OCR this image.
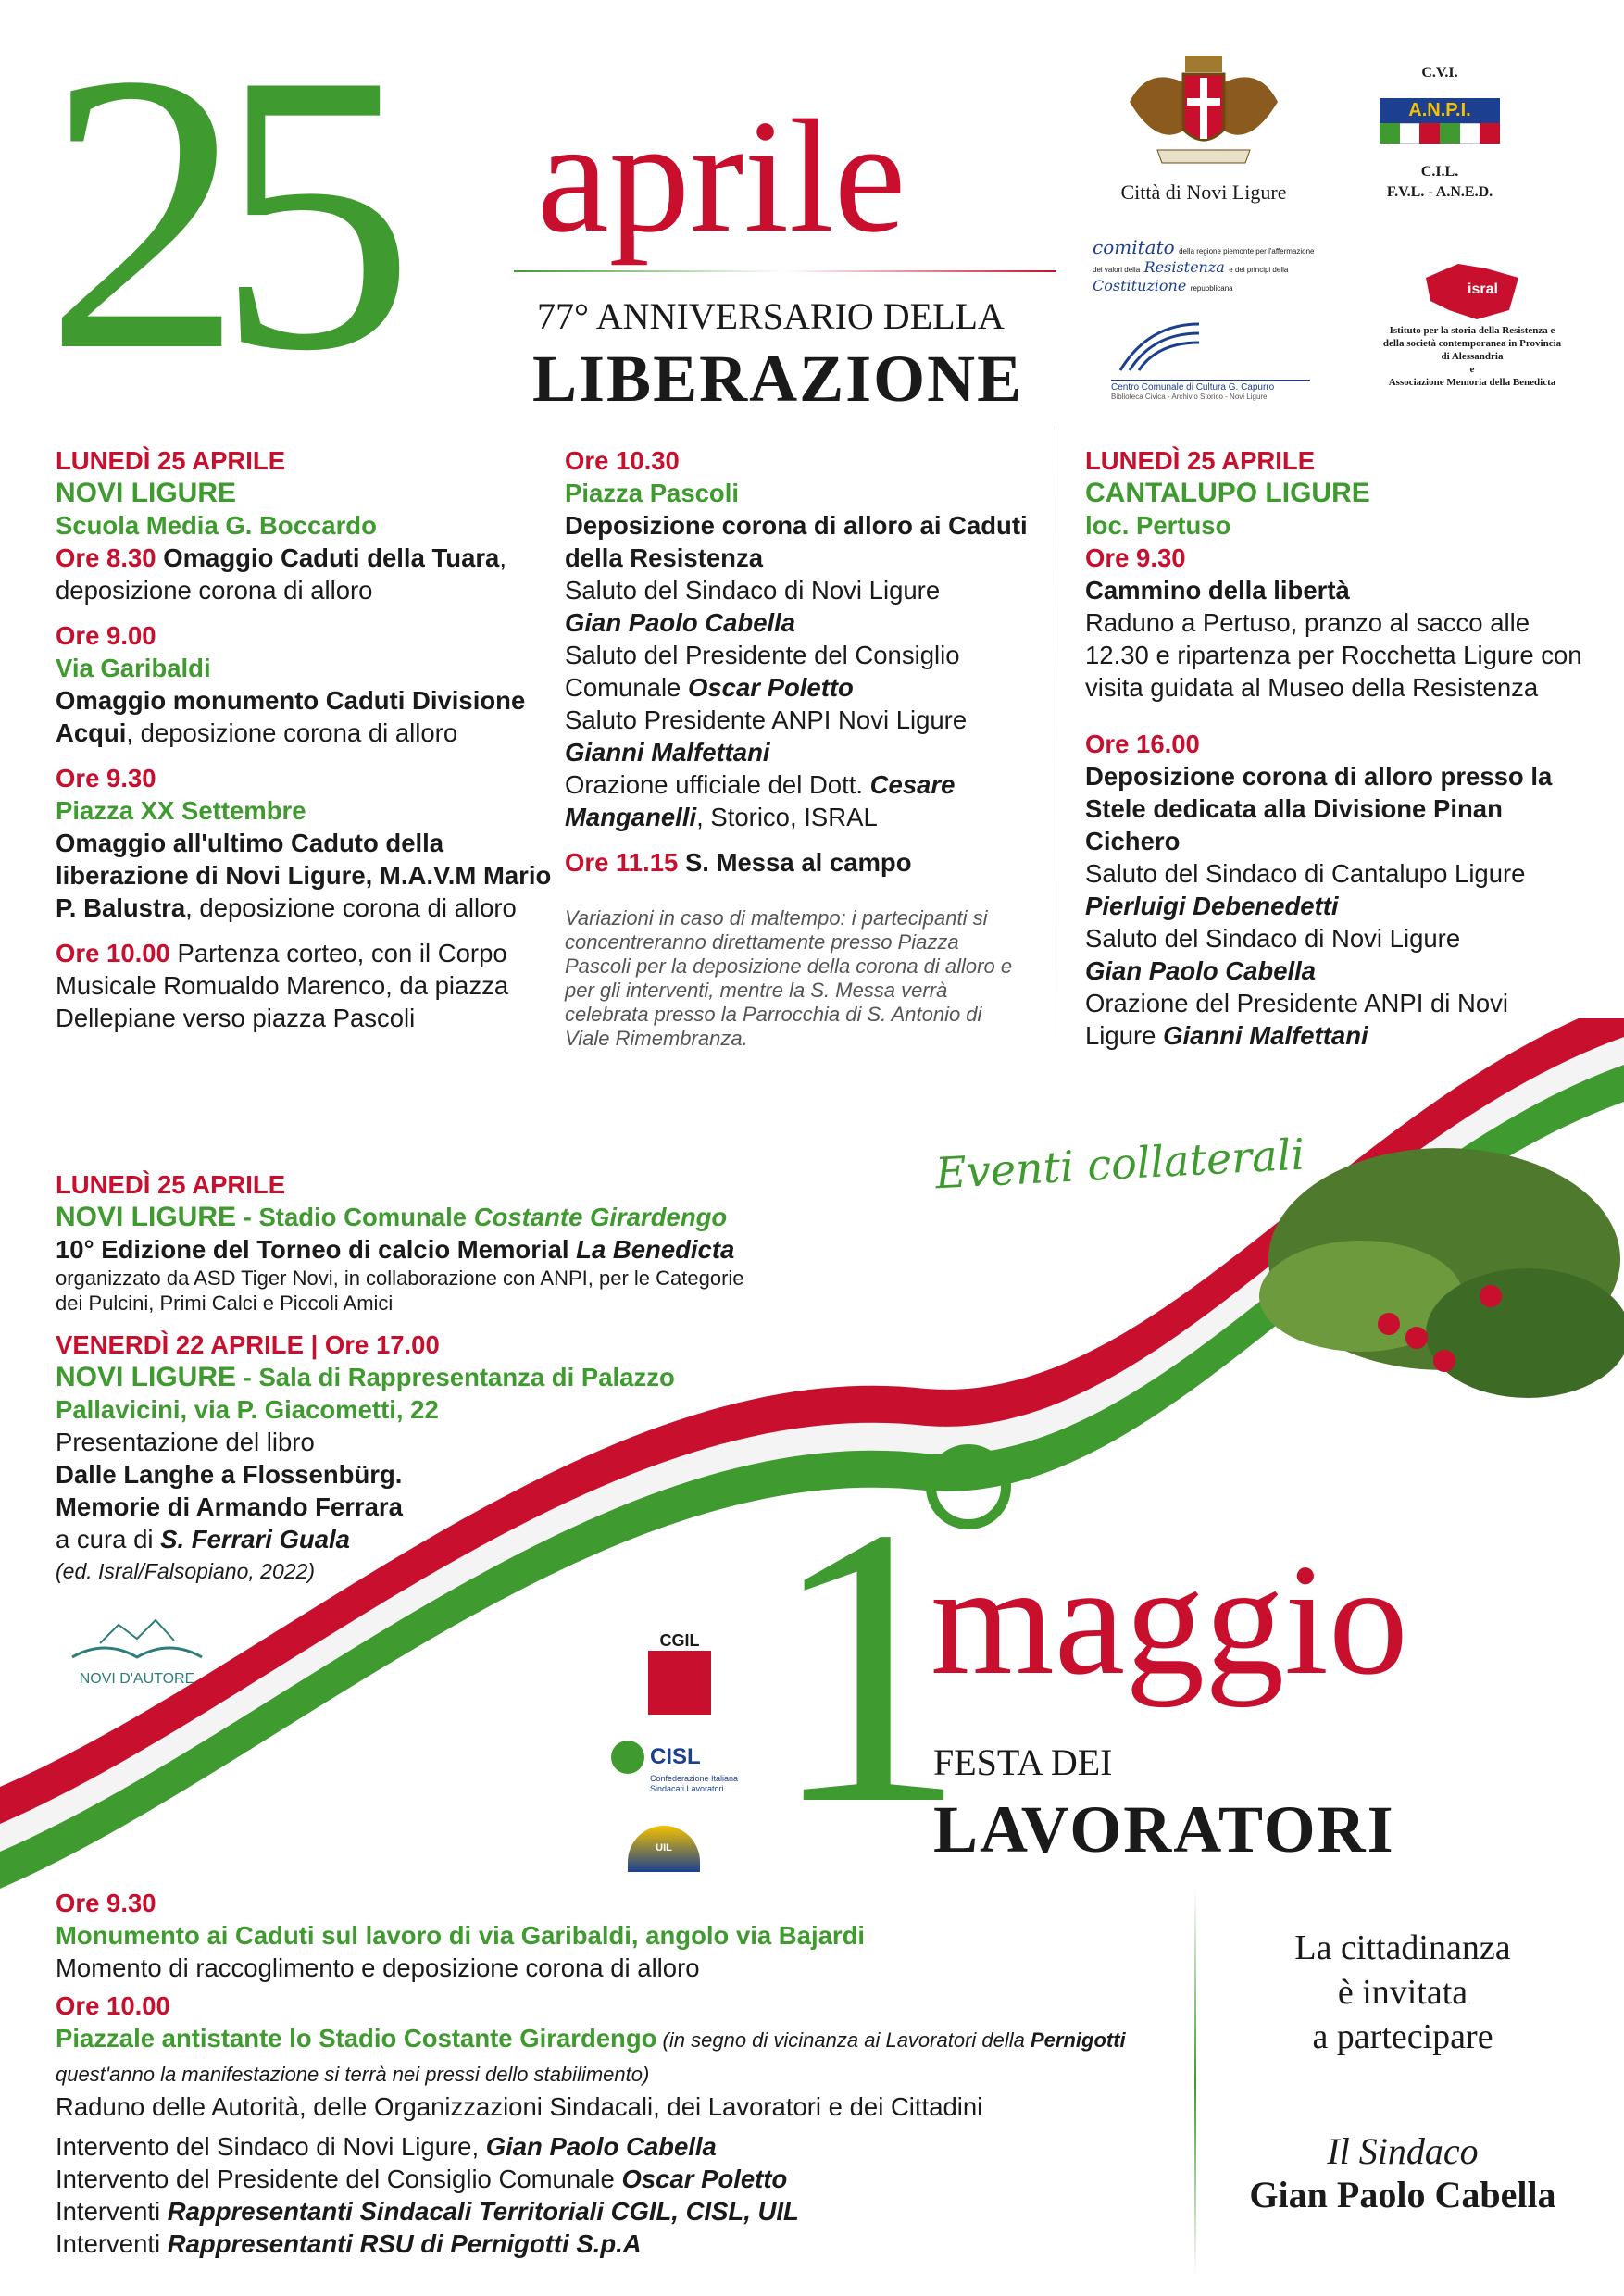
25 aprile
77° ANNIVERSARIO DELLA
LIBERAZIONE
Città di Novi Ligure
C.V.I.
A.N.P.I.
C.I.L.
F.V.L. - A.N.E.D.
comitato della regione piemonte per l'affermazione dei valori della Resistenza e dei principi della Costituzione repubblicana
Centro Comunale di Cultura G. Capurro
Biblioteca Civica - Archivio Storico - Novi Ligure
isral
Istituto per la storia della Resistenza e della società contemporanea in Provincia di Alessandria
e
Associazione Memoria della Benedicta

LUNEDÌ 25 APRILE

NOVI LIGURE

Scuola Media G. Boccardo

Ore 8.30 Omaggio Caduti della Tuara, deposizione corona di alloro

Ore 9.00

Via Garibaldi

Omaggio monumento Caduti Divisione Acqui, deposizione corona di alloro

Ore 9.30

Piazza XX Settembre

Omaggio all'ultimo Caduto della liberazione di Novi Ligure, M.A.V.M Mario P. Balustra, deposizione corona di alloro

Ore 10.00 Partenza corteo, con il Corpo Musicale Romualdo Marenco, da piazza Dellepiane verso piazza Pascoli

Ore 10.30

Piazza Pascoli

Deposizione corona di alloro ai Caduti della Resistenza

Saluto del Sindaco di Novi Ligure

Gian Paolo Cabella

Saluto del Presidente del Consiglio Comunale Oscar Poletto

Saluto Presidente ANPI Novi Ligure

Gianni Malfettani

Orazione ufficiale del Dott. Cesare Manganelli, Storico, ISRAL

Ore 11.15 S. Messa al campo

Variazioni in caso di maltempo: i partecipanti si concentreranno direttamente presso Piazza Pascoli per la deposizione della corona di alloro e per gli interventi, mentre la S. Messa verrà celebrata presso la Parrocchia di S. Antonio di Viale Rimembranza.

LUNEDÌ 25 APRILE

CANTALUPO LIGURE

loc. Pertuso

Ore 9.30

Cammino della libertà

Raduno a Pertuso, pranzo al sacco alle 12.30 e ripartenza per Rocchetta Ligure con visita guidata al Museo della Resistenza

Ore 16.00

Deposizione corona di alloro presso la Stele dedicata alla Divisione Pinan Cichero

Saluto del Sindaco di Cantalupo Ligure Pierluigi Debenedetti

Saluto del Sindaco di Novi Ligure

Gian Paolo Cabella

Orazione del Presidente ANPI di Novi Ligure Gianni Malfettani

Eventi collaterali

LUNEDÌ 25 APRILE

NOVI LIGURE - Stadio Comunale Costante Girardengo

10° Edizione del Torneo di calcio Memorial La Benedicta

organizzato da ASD Tiger Novi, in collaborazione con ANPI, per le Categorie dei Pulcini, Primi Calci e Piccoli Amici

VENERDÌ 22 APRILE | Ore 17.00

NOVI LIGURE - Sala di Rappresentanza di Palazzo Pallavicini, via P. Giacometti, 22

Presentazione del libro

Dalle Langhe a Flossenbürg.

Memorie di Armando Ferrara

a cura di S. Ferrari Guala

(ed. Isral/Falsopiano, 2022)

NOVI D'AUTORE 1
maggio
FESTA DEI
LAVORATORI
CGIL
CISL
Confederazione Italiana Sindacati Lavoratori
UIL

Ore 9.30

Monumento ai Caduti sul lavoro di via Garibaldi, angolo via Bajardi

Momento di raccoglimento e deposizione corona di alloro

Ore 10.00

Piazzale antistante lo Stadio Costante Girardengo (in segno di vicinanza ai Lavoratori della Pernigotti quest'anno la manifestazione si terrà nei pressi dello stabilimento)

Raduno delle Autorità, delle Organizzazioni Sindacali, dei Lavoratori e dei Cittadini

Intervento del Sindaco di Novi Ligure, Gian Paolo Cabella

Intervento del Presidente del Consiglio Comunale Oscar Poletto

Interventi Rappresentanti Sindacali Territoriali CGIL, CISL, UIL

Interventi Rappresentanti RSU di Pernigotti S.p.A

La cittadinanza
è invitata
a partecipare
Il Sindaco
Gian Paolo Cabella
